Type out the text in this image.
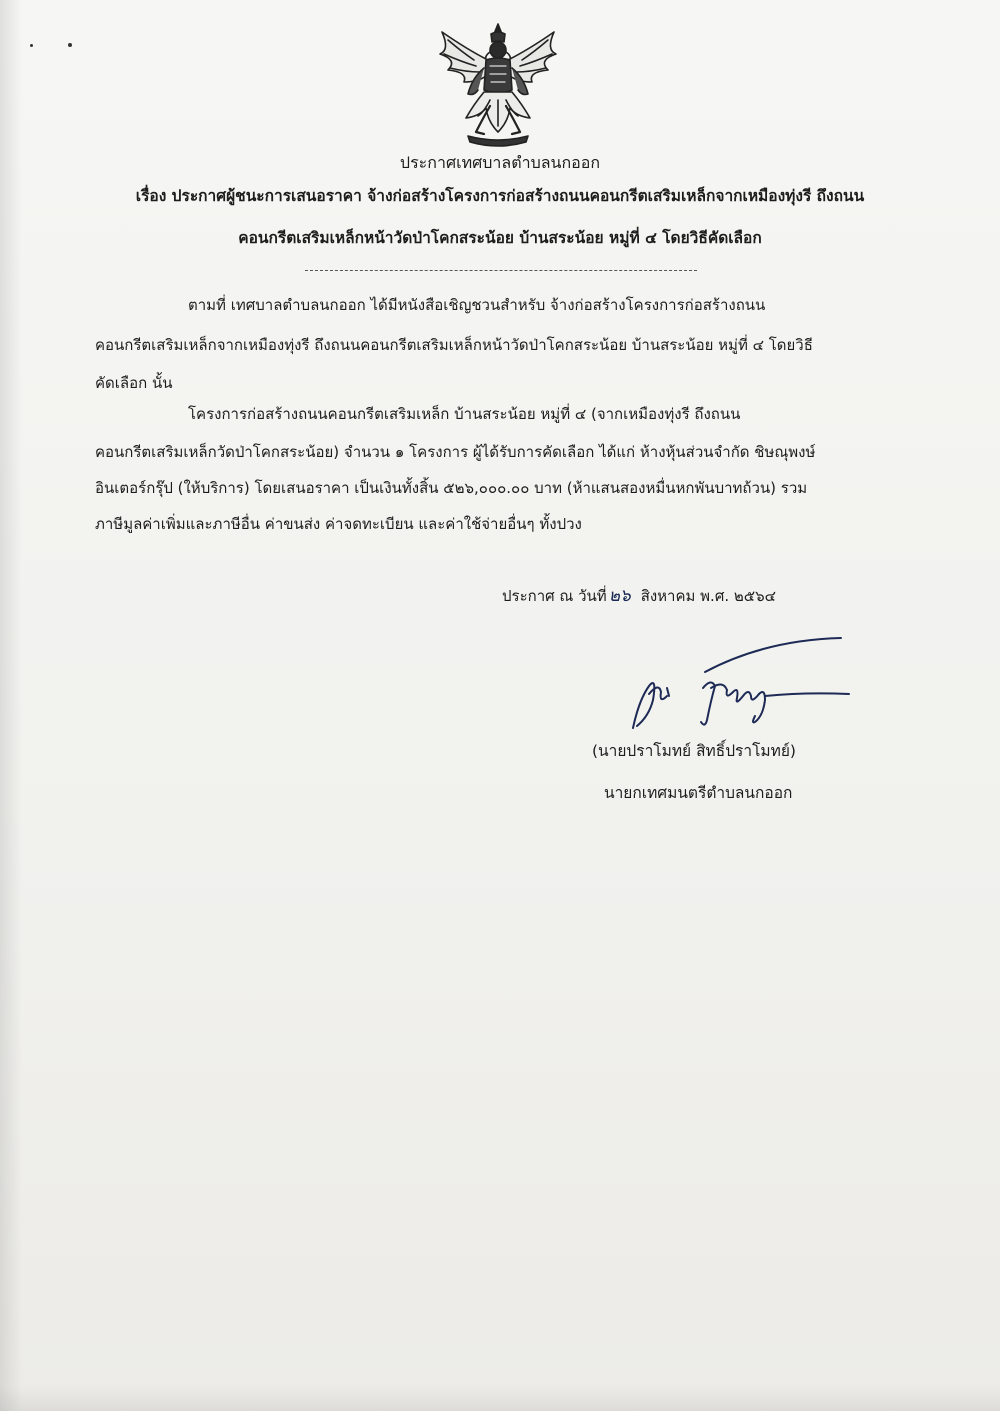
ประกาศเทศบาลตำบลนกออก
เรื่อง ประกาศผู้ชนะการเสนอราคา จ้างก่อสร้างโครงการก่อสร้างถนนคอนกรีตเสริมเหล็กจากเหมืองทุ่งรี ถึงถนน
คอนกรีตเสริมเหล็กหน้าวัดป่าโคกสระน้อย บ้านสระน้อย หมู่ที่ ๔ โดยวิธีคัดเลือก
ตามที่ เทศบาลตำบลนกออก ได้มีหนังสือเชิญชวนสำหรับ จ้างก่อสร้างโครงการก่อสร้างถนน
คอนกรีตเสริมเหล็กจากเหมืองทุ่งรี ถึงถนนคอนกรีตเสริมเหล็กหน้าวัดป่าโคกสระน้อย บ้านสระน้อย หมู่ที่ ๔ โดยวิธี
คัดเลือก นั้น
โครงการก่อสร้างถนนคอนกรีตเสริมเหล็ก บ้านสระน้อย หมู่ที่ ๔ (จากเหมืองทุ่งรี ถึงถนน
คอนกรีตเสริมเหล็กวัดป่าโคกสระน้อย) จำนวน ๑ โครงการ ผู้ได้รับการคัดเลือก ได้แก่ ห้างหุ้นส่วนจำกัด ชิษณุพงษ์
อินเตอร์กรุ๊ป (ให้บริการ) โดยเสนอราคา เป็นเงินทั้งสิ้น ๕๒๖,๐๐๐.๐๐ บาท (ห้าแสนสองหมื่นหกพันบาทถ้วน) รวม
ภาษีมูลค่าเพิ่มและภาษีอื่น ค่าขนส่ง ค่าจดทะเบียน และค่าใช้จ่ายอื่นๆ ทั้งปวง
ประกาศ ณ วันที่ ๒๖ สิงหาคม พ.ศ. ๒๕๖๔
(นายปราโมทย์ สิทธิ์ปราโมทย์)
นายกเทศมนตรีตำบลนกออก
